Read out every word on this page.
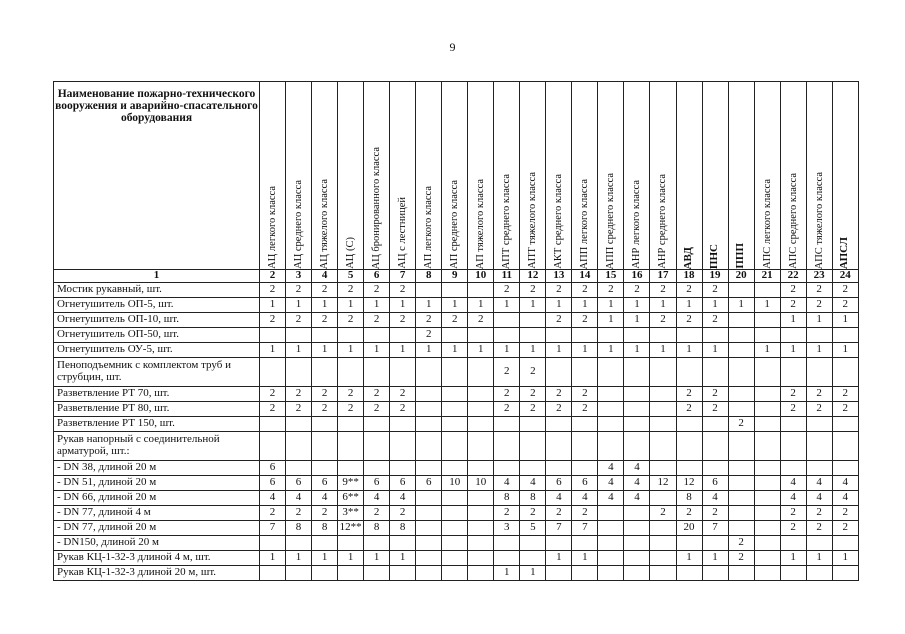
9
Наименование пожарно-технического вооружения и аварийно-спасательного оборудования	АЦ легкого класса	АЦ среднего класса	АЦ тяжелого класса	АЦ (С)	АЦ бронированного класса	АЦ с лестницей	АП легкого класса	АП среднего класса	АП тяжелого класса	АПТ среднего класса	АПТ тяжелого класса	АКТ среднего класса	АПП легкого класса	АПП среднего класса	АНР легкого класса	АНР среднего класса	АВД	ПНС	ППП	АПС легкого класса	АПС среднего класса	АПС тяжелого класса	АПСЛ

1	2	3	4	5	6	7	8	9	10	11	12	13	14	15	16	17	18	19	20	21	22	23	24
Мостик рукавный, шт.	2	2	2	2	2	2				2	2	2	2	2	2	2	2	2			2	2	2
Огнетушитель ОП-5, шт.	1	1	1	1	1	1	1	1	1	1	1	1	1	1	1	1	1	1	1	1	2	2	2
Огнетушитель ОП-10, шт.	2	2	2	2	2	2	2	2	2			2	2	1	1	2	2	2			1	1	1
Огнетушитель ОП-50, шт.							2																
Огнетушитель ОУ-5, шт.	1	1	1	1	1	1	1	1	1	1	1	1	1	1	1	1	1	1		1	1	1	1
Пеноподъемник с комплектом труб и струбцин, шт.										2	2												
Разветвление РТ 70, шт.	2	2	2	2	2	2				2	2	2	2				2	2			2	2	2
Разветвление РТ 80, шт.	2	2	2	2	2	2				2	2	2	2				2	2			2	2	2
Разветвление РТ 150, шт.																			2				
Рукав напорный с соединительной арматурой, шт.:																							
- DN 38, длиной 20 м	6													4	4								
- DN 51, длиной 20 м	6	6	6	9**	6	6	6	10	10	4	4	6	6	4	4	12	12	6			4	4	4
- DN 66, длиной 20 м	4	4	4	6**	4	4				8	8	4	4	4	4		8	4			4	4	4
- DN 77, длиной 4 м	2	2	2	3**	2	2				2	2	2	2			2	2	2			2	2	2
- DN 77, длиной 20 м	7	8	8	12**	8	8				3	5	7	7				20	7			2	2	2
- DN150, длиной 20 м																			2				
Рукав КЦ-1-32-3 длиной 4 м, шт.	1	1	1	1	1	1						1	1				1	1	2		1	1	1
Рукав КЦ-1-32-3 длиной 20 м, шт.										1	1												
